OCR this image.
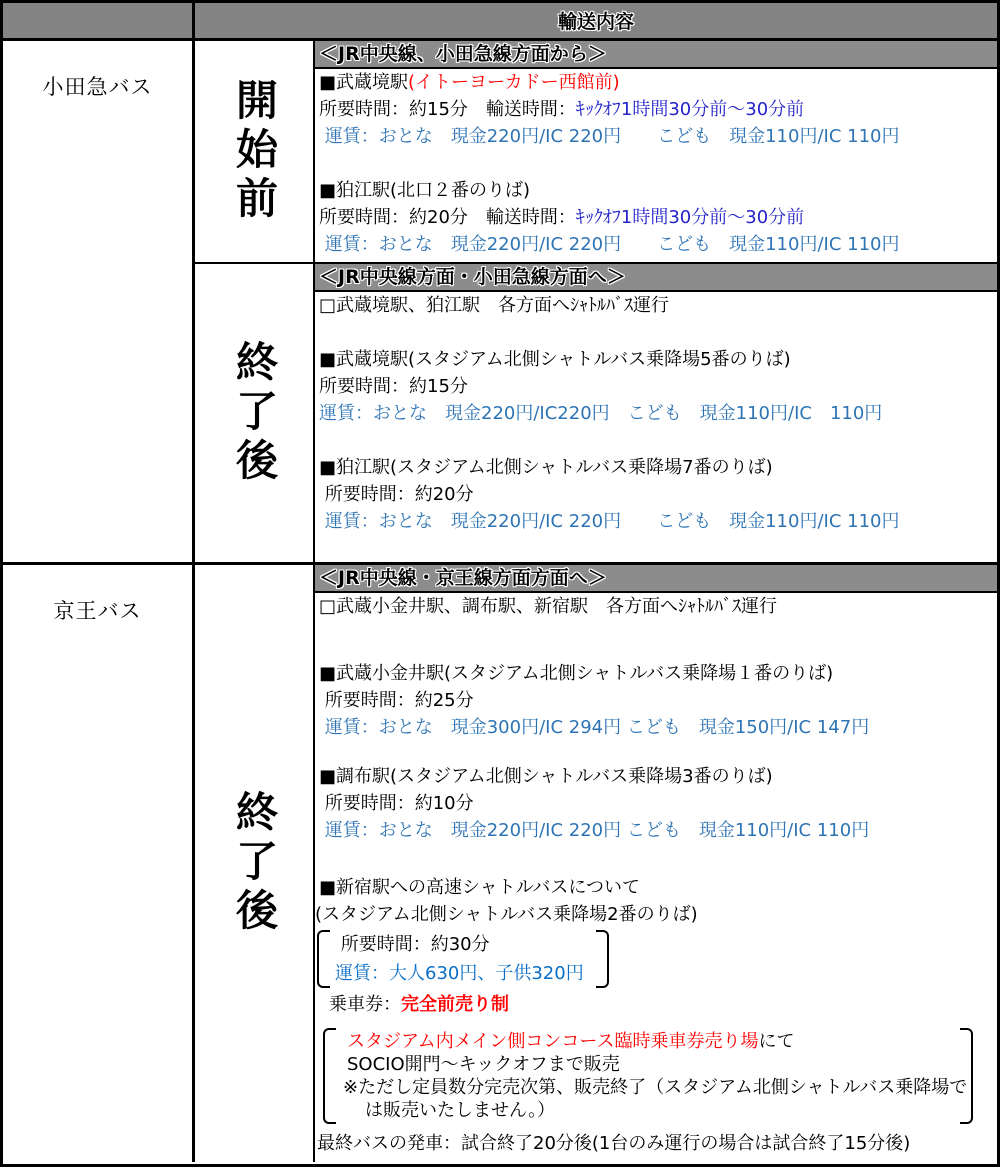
輸送内容
小田急バス	開始前
＜JR中央線、小田急線方面から＞
■武蔵境駅(イトーヨーカドー西館前)
所要時間：約15分　輸送時間：ｷｯｸｵﾌ1時間30分前～30分前
運賃：おとな　現金220円/IC 220円　　こども　現金110円/IC 110円
■狛江駅(北口２番のりば)
所要時間：約20分　輸送時間：ｷｯｸｵﾌ1時間30分前～30分前
運賃：おとな　現金220円/IC 220円　　こども　現金110円/IC 110円
終了後
＜JR中央線方面・小田急線方面へ＞
□武蔵境駅、狛江駅　各方面へｼｬﾄﾙﾊﾞｽ運行
■武蔵境駅(スタジアム北側シャトルバス乗降場5番のりば)
所要時間：約15分
運賃：おとな　現金220円/IC220円　こども　現金110円/IC　110円
■狛江駅(スタジアム北側シャトルバス乗降場7番のりば)
所要時間：約20分
運賃：おとな　現金220円/IC 220円　　こども　現金110円/IC 110円
京王バス
終了後
＜JR中央線・京王線方面方面へ＞
□武蔵小金井駅、調布駅、新宿駅　各方面へｼｬﾄﾙﾊﾞｽ運行
■武蔵小金井駅(スタジアム北側シャトルバス乗降場１番のりば)
所要時間：約25分
運賃：おとな　現金300円/IC 294円 こども　現金150円/IC 147円
■調布駅(スタジアム北側シャトルバス乗降場3番のりば)
所要時間：約10分
運賃：おとな　現金220円/IC 220円 こども　現金110円/IC 110円
■新宿駅への高速シャトルバスについて
(スタジアム北側シャトルバス乗降場2番のりば)
所要時間：約30分
運賃：大人630円、子供320円
乗車券：完全前売り制
スタジアム内メイン側コンコース臨時乗車券売り場にて
SOCIO開門～キックオフまで販売
※ただし定員数分完売次第、販売終了（スタジアム北側シャトルバス乗降場で
　は販売いたしません。）
最終バスの発車：試合終了20分後(1台のみ運行の場合は試合終了15分後)
